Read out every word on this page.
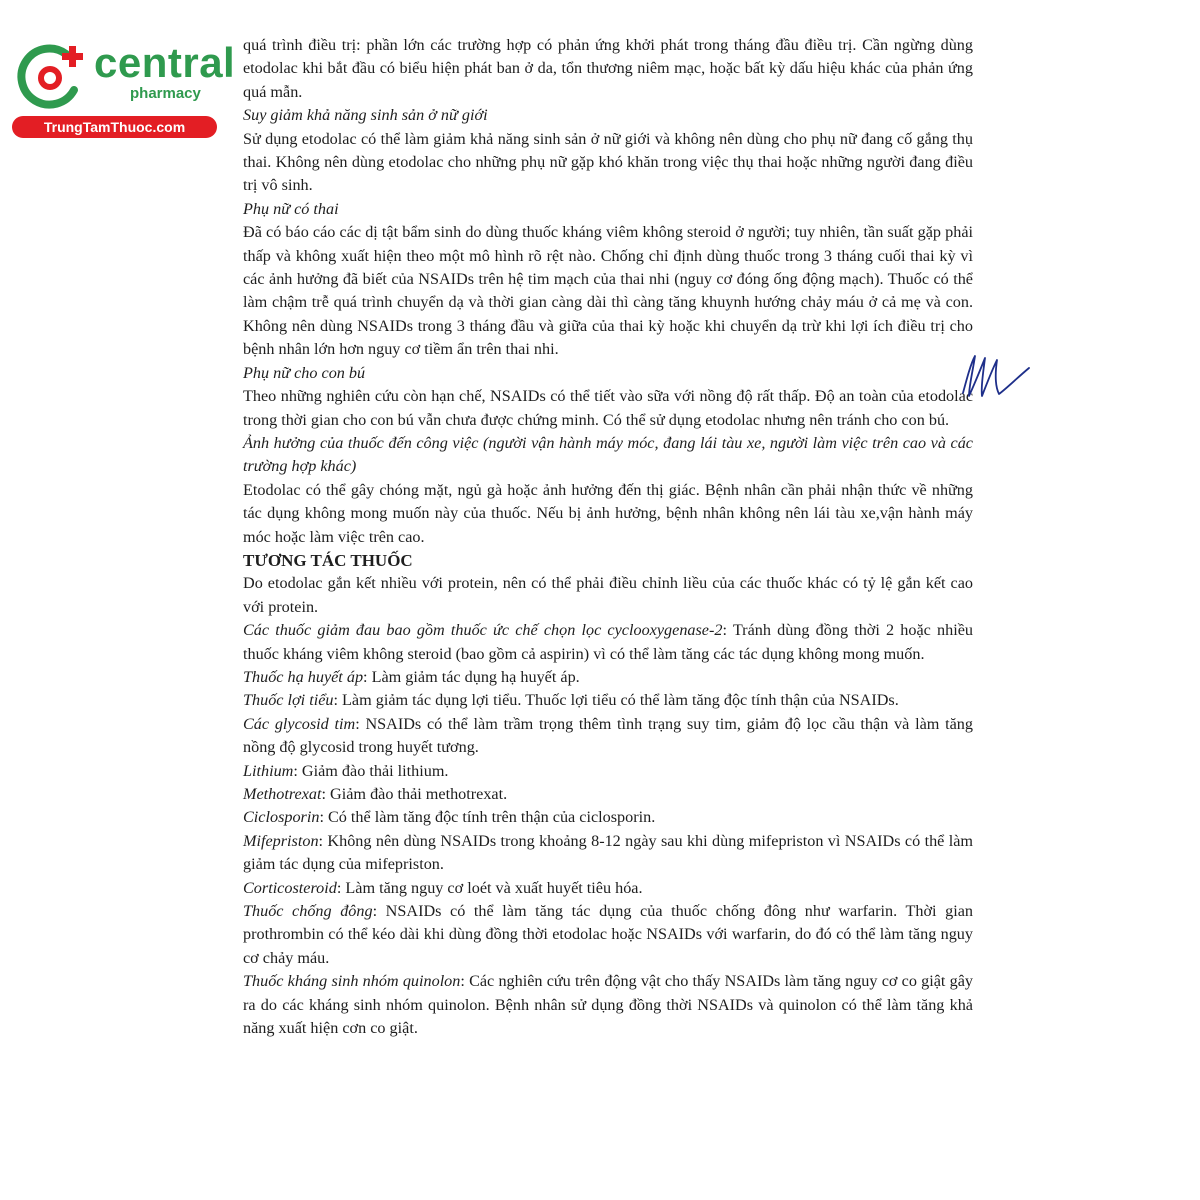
central
pharmacy
TrungTamThuoc.com

quá trình điều trị: phần lớn các trường hợp có phản ứng khởi phát trong tháng đầu điều trị. Cần ngừng dùng etodolac khi bắt đầu có biểu hiện phát ban ở da, tổn thương niêm mạc, hoặc bất kỳ dấu hiệu khác của phản ứng quá mẫn.

Suy giảm khả năng sinh sản ở nữ giới

Sử dụng etodolac có thể làm giảm khả năng sinh sản ở nữ giới và không nên dùng cho phụ nữ đang cố gắng thụ thai. Không nên dùng etodolac cho những phụ nữ gặp khó khăn trong việc thụ thai hoặc những người đang điều trị vô sinh.

Phụ nữ có thai

Đã có báo cáo các dị tật bẩm sinh do dùng thuốc kháng viêm không steroid ở người; tuy nhiên, tần suất gặp phải thấp và không xuất hiện theo một mô hình rõ rệt nào. Chống chỉ định dùng thuốc trong 3 tháng cuối thai kỳ vì các ảnh hưởng đã biết của NSAIDs trên hệ tim mạch của thai nhi (nguy cơ đóng ống động mạch). Thuốc có thể làm chậm trễ quá trình chuyển dạ và thời gian càng dài thì càng tăng khuynh hướng chảy máu ở cả mẹ và con. Không nên dùng NSAIDs trong 3 tháng đầu và giữa của thai kỳ hoặc khi chuyển dạ trừ khi lợi ích điều trị cho bệnh nhân lớn hơn nguy cơ tiềm ẩn trên thai nhi.

Phụ nữ cho con bú

Theo những nghiên cứu còn hạn chế, NSAIDs có thể tiết vào sữa với nồng độ rất thấp. Độ an toàn của etodolac trong thời gian cho con bú vẫn chưa được chứng minh. Có thể sử dụng etodolac nhưng nên tránh cho con bú.

Ảnh hưởng của thuốc đến công việc (người vận hành máy móc, đang lái tàu xe, người làm việc trên cao và các trường hợp khác)

Etodolac có thể gây chóng mặt, ngủ gà hoặc ảnh hưởng đến thị giác. Bệnh nhân cần phải nhận thức về những tác dụng không mong muốn này của thuốc. Nếu bị ảnh hưởng, bệnh nhân không nên lái tàu xe,vận hành máy móc hoặc làm việc trên cao.

TƯƠNG TÁC THUỐC

Do etodolac gắn kết nhiều với protein, nên có thể phải điều chỉnh liều của các thuốc khác có tỷ lệ gắn kết cao với protein.

Các thuốc giảm đau bao gồm thuốc ức chế chọn lọc cyclooxygenase-2: Tránh dùng đồng thời 2 hoặc nhiều thuốc kháng viêm không steroid (bao gồm cả aspirin) vì có thể làm tăng các tác dụng không mong muốn.

Thuốc hạ huyết áp: Làm giảm tác dụng hạ huyết áp.

Thuốc lợi tiểu: Làm giảm tác dụng lợi tiểu. Thuốc lợi tiểu có thể làm tăng độc tính thận của NSAIDs.

Các glycosid tim: NSAIDs có thể làm trầm trọng thêm tình trạng suy tim, giảm độ lọc cầu thận và làm tăng nồng độ glycosid trong huyết tương.

Lithium: Giảm đào thải lithium.

Methotrexat: Giảm đào thải methotrexat.

Ciclosporin: Có thể làm tăng độc tính trên thận của ciclosporin.

Mifepriston: Không nên dùng NSAIDs trong khoảng 8-12 ngày sau khi dùng mifepriston vì NSAIDs có thể làm giảm tác dụng của mifepriston.

Corticosteroid: Làm tăng nguy cơ loét và xuất huyết tiêu hóa.

Thuốc chống đông: NSAIDs có thể làm tăng tác dụng của thuốc chống đông như warfarin. Thời gian prothrombin có thể kéo dài khi dùng đồng thời etodolac hoặc NSAIDs với warfarin, do đó có thể làm tăng nguy cơ chảy máu.

Thuốc kháng sinh nhóm quinolon: Các nghiên cứu trên động vật cho thấy NSAIDs làm tăng nguy cơ co giật gây ra do các kháng sinh nhóm quinolon. Bệnh nhân sử dụng đồng thời NSAIDs và quinolon có thể làm tăng khả năng xuất hiện cơn co giật.
